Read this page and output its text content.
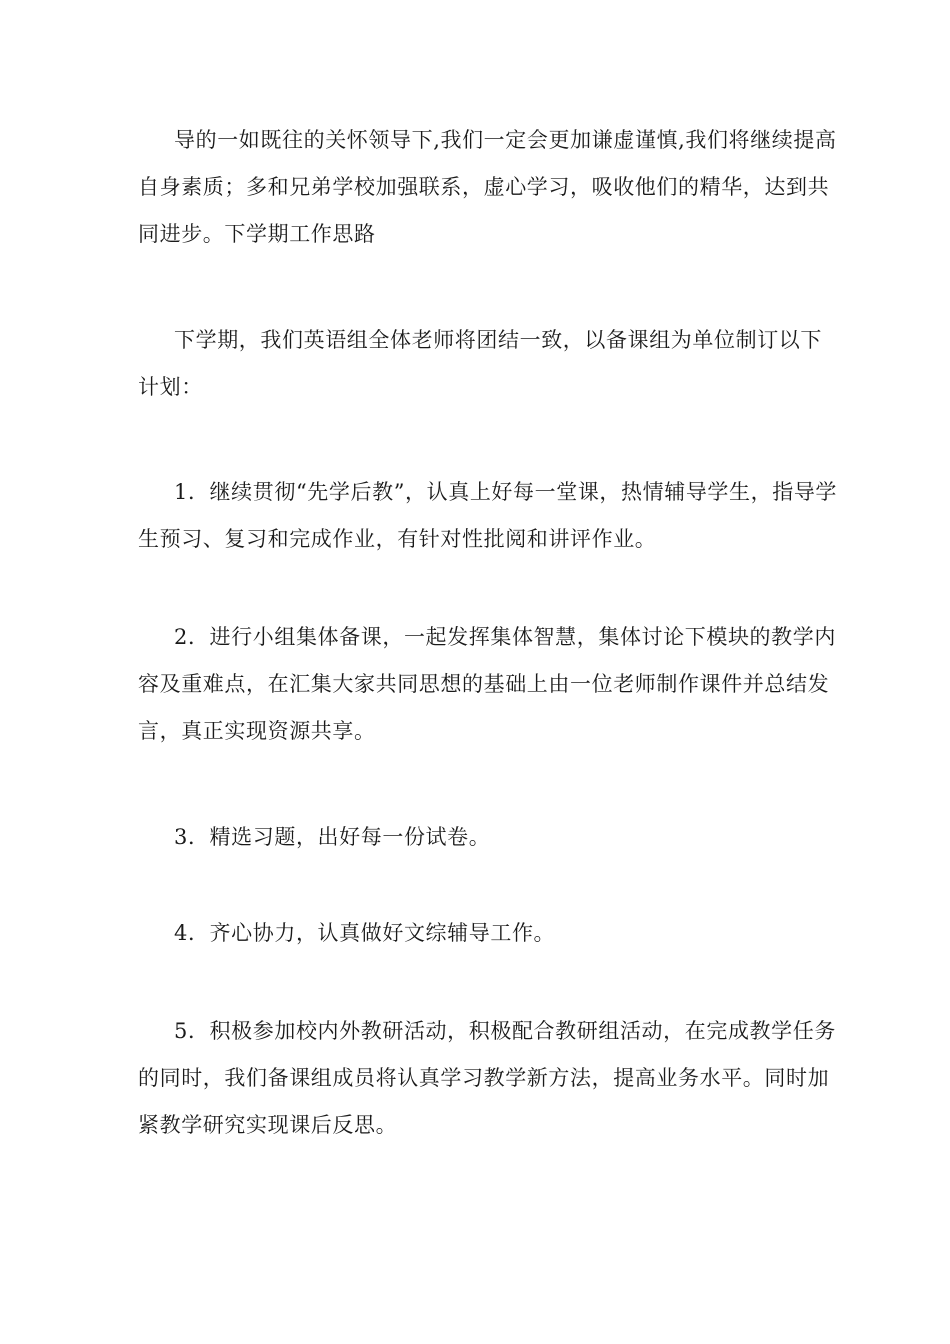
导的一如既往的关怀领导下,我们一定会更加谦虚谨慎,我们将继续提高自身素质；多和兄弟学校加强联系，虚心学习，吸收他们的精华，达到共同进步。下学期工作思路

下学期，我们英语组全体老师将团结一致，以备课组为单位制订以下计划：

1．继续贯彻“先学后教”，认真上好每一堂课，热情辅导学生，指导学生预习、复习和完成作业，有针对性批阅和讲评作业。

2．进行小组集体备课，一起发挥集体智慧，集体讨论下模块的教学内容及重难点，在汇集大家共同思想的基础上由一位老师制作课件并总结发言，真正实现资源共享。

3．精选习题，出好每一份试卷。

4．齐心协力，认真做好文综辅导工作。

5．积极参加校内外教研活动，积极配合教研组活动，在完成教学任务的同时，我们备课组成员将认真学习教学新方法，提高业务水平。同时加紧教学研究实现课后反思。
